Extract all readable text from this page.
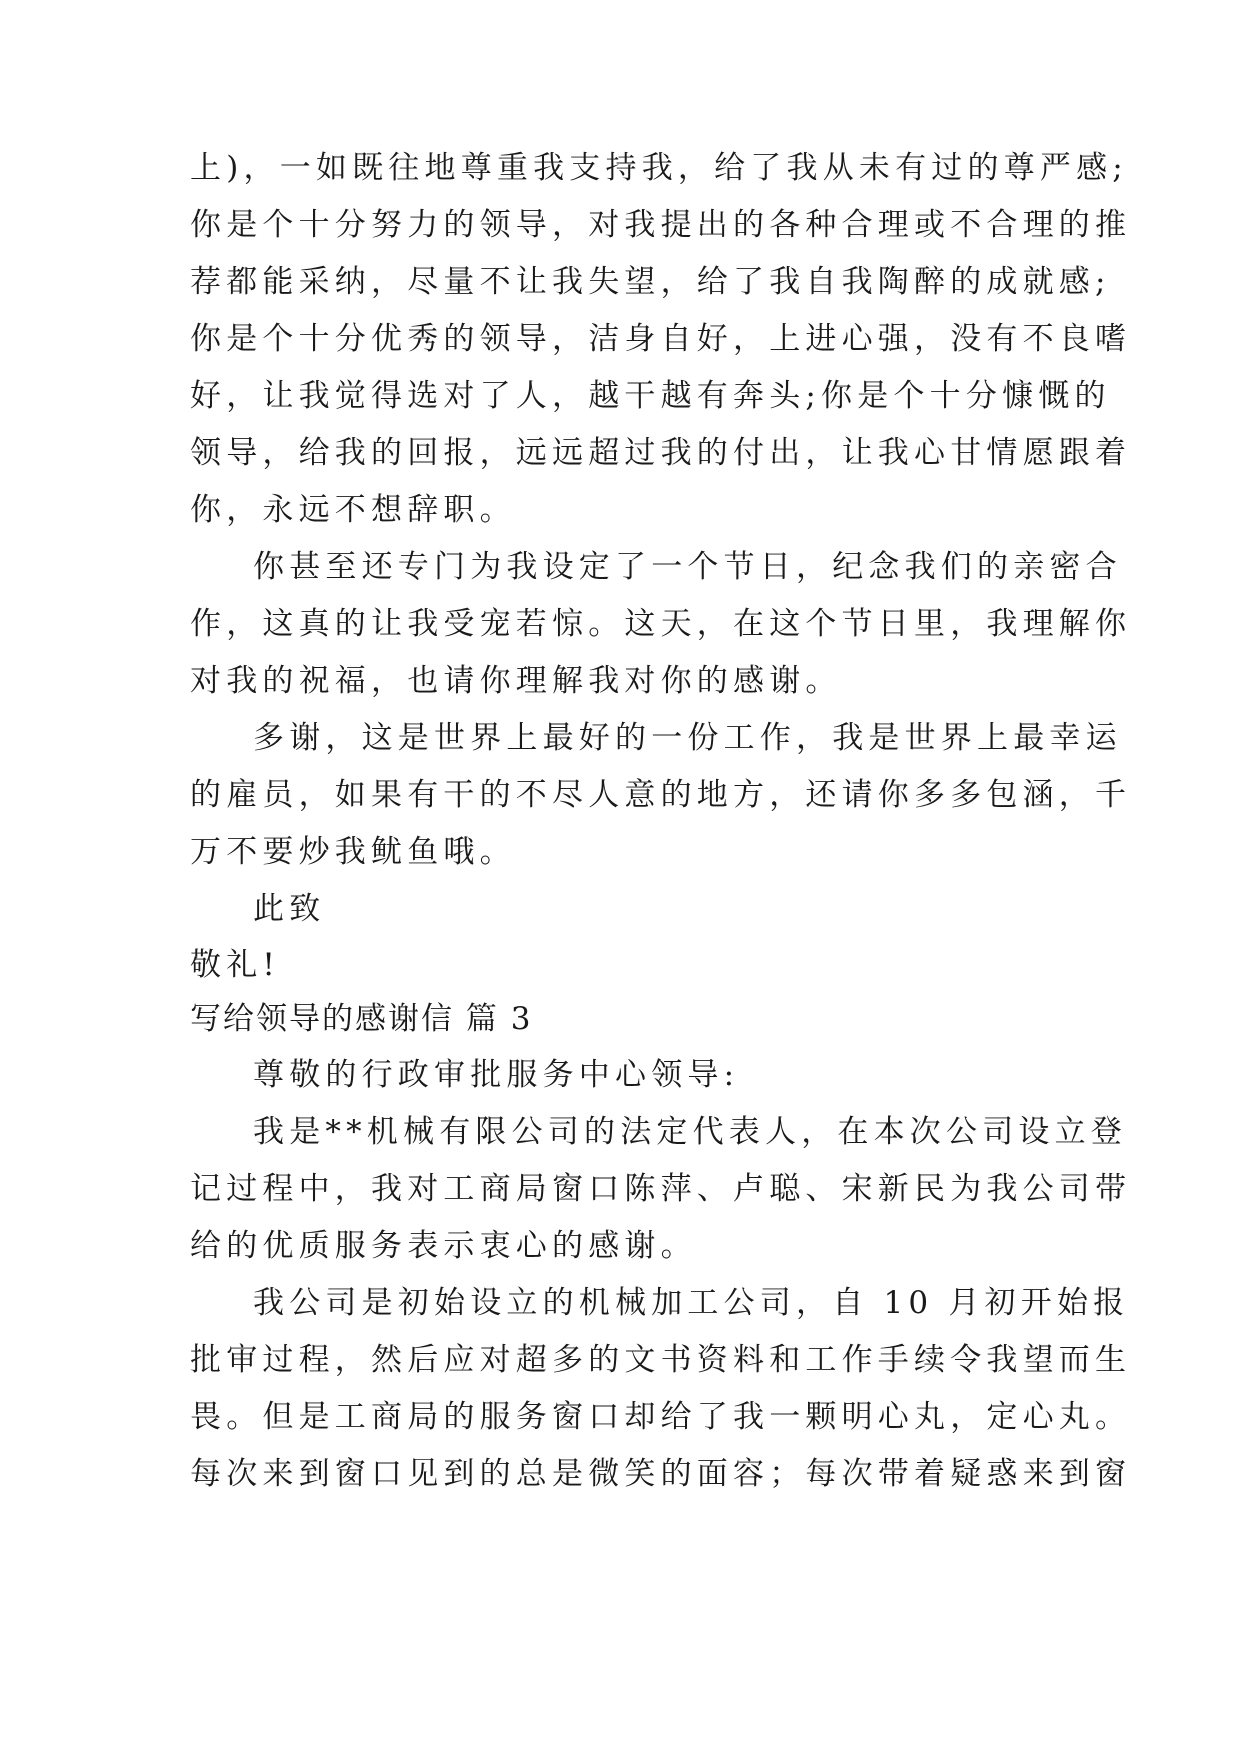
上)，一如既往地尊重我支持我，给了我从未有过的尊严感;
你是个十分努力的领导，对我提出的各种合理或不合理的推
荐都能采纳，尽量不让我失望，给了我自我陶醉的成就感;
你是个十分优秀的领导，洁身自好，上进心强，没有不良嗜
好，让我觉得选对了人，越干越有奔头;你是个十分慷慨的
领导，给我的回报，远远超过我的付出，让我心甘情愿跟着
你，永远不想辞职。
你甚至还专门为我设定了一个节日，纪念我们的亲密合
作，这真的让我受宠若惊。这天，在这个节日里，我理解你
对我的祝福，也请你理解我对你的感谢。
多谢，这是世界上最好的一份工作，我是世界上最幸运
的雇员，如果有干的不尽人意的地方，还请你多多包涵，千
万不要炒我鱿鱼哦。
此致
敬礼!
写给领导的感谢信 篇 3
尊敬的行政审批服务中心领导:
我是**机械有限公司的法定代表人，在本次公司设立登
记过程中，我对工商局窗口陈萍、卢聪、宋新民为我公司带
给的优质服务表示衷心的感谢。
我公司是初始设立的机械加工公司，自 10 月初开始报
批审过程，然后应对超多的文书资料和工作手续令我望而生
畏。但是工商局的服务窗口却给了我一颗明心丸，定心丸。
每次来到窗口见到的总是微笑的面容；每次带着疑惑来到窗
